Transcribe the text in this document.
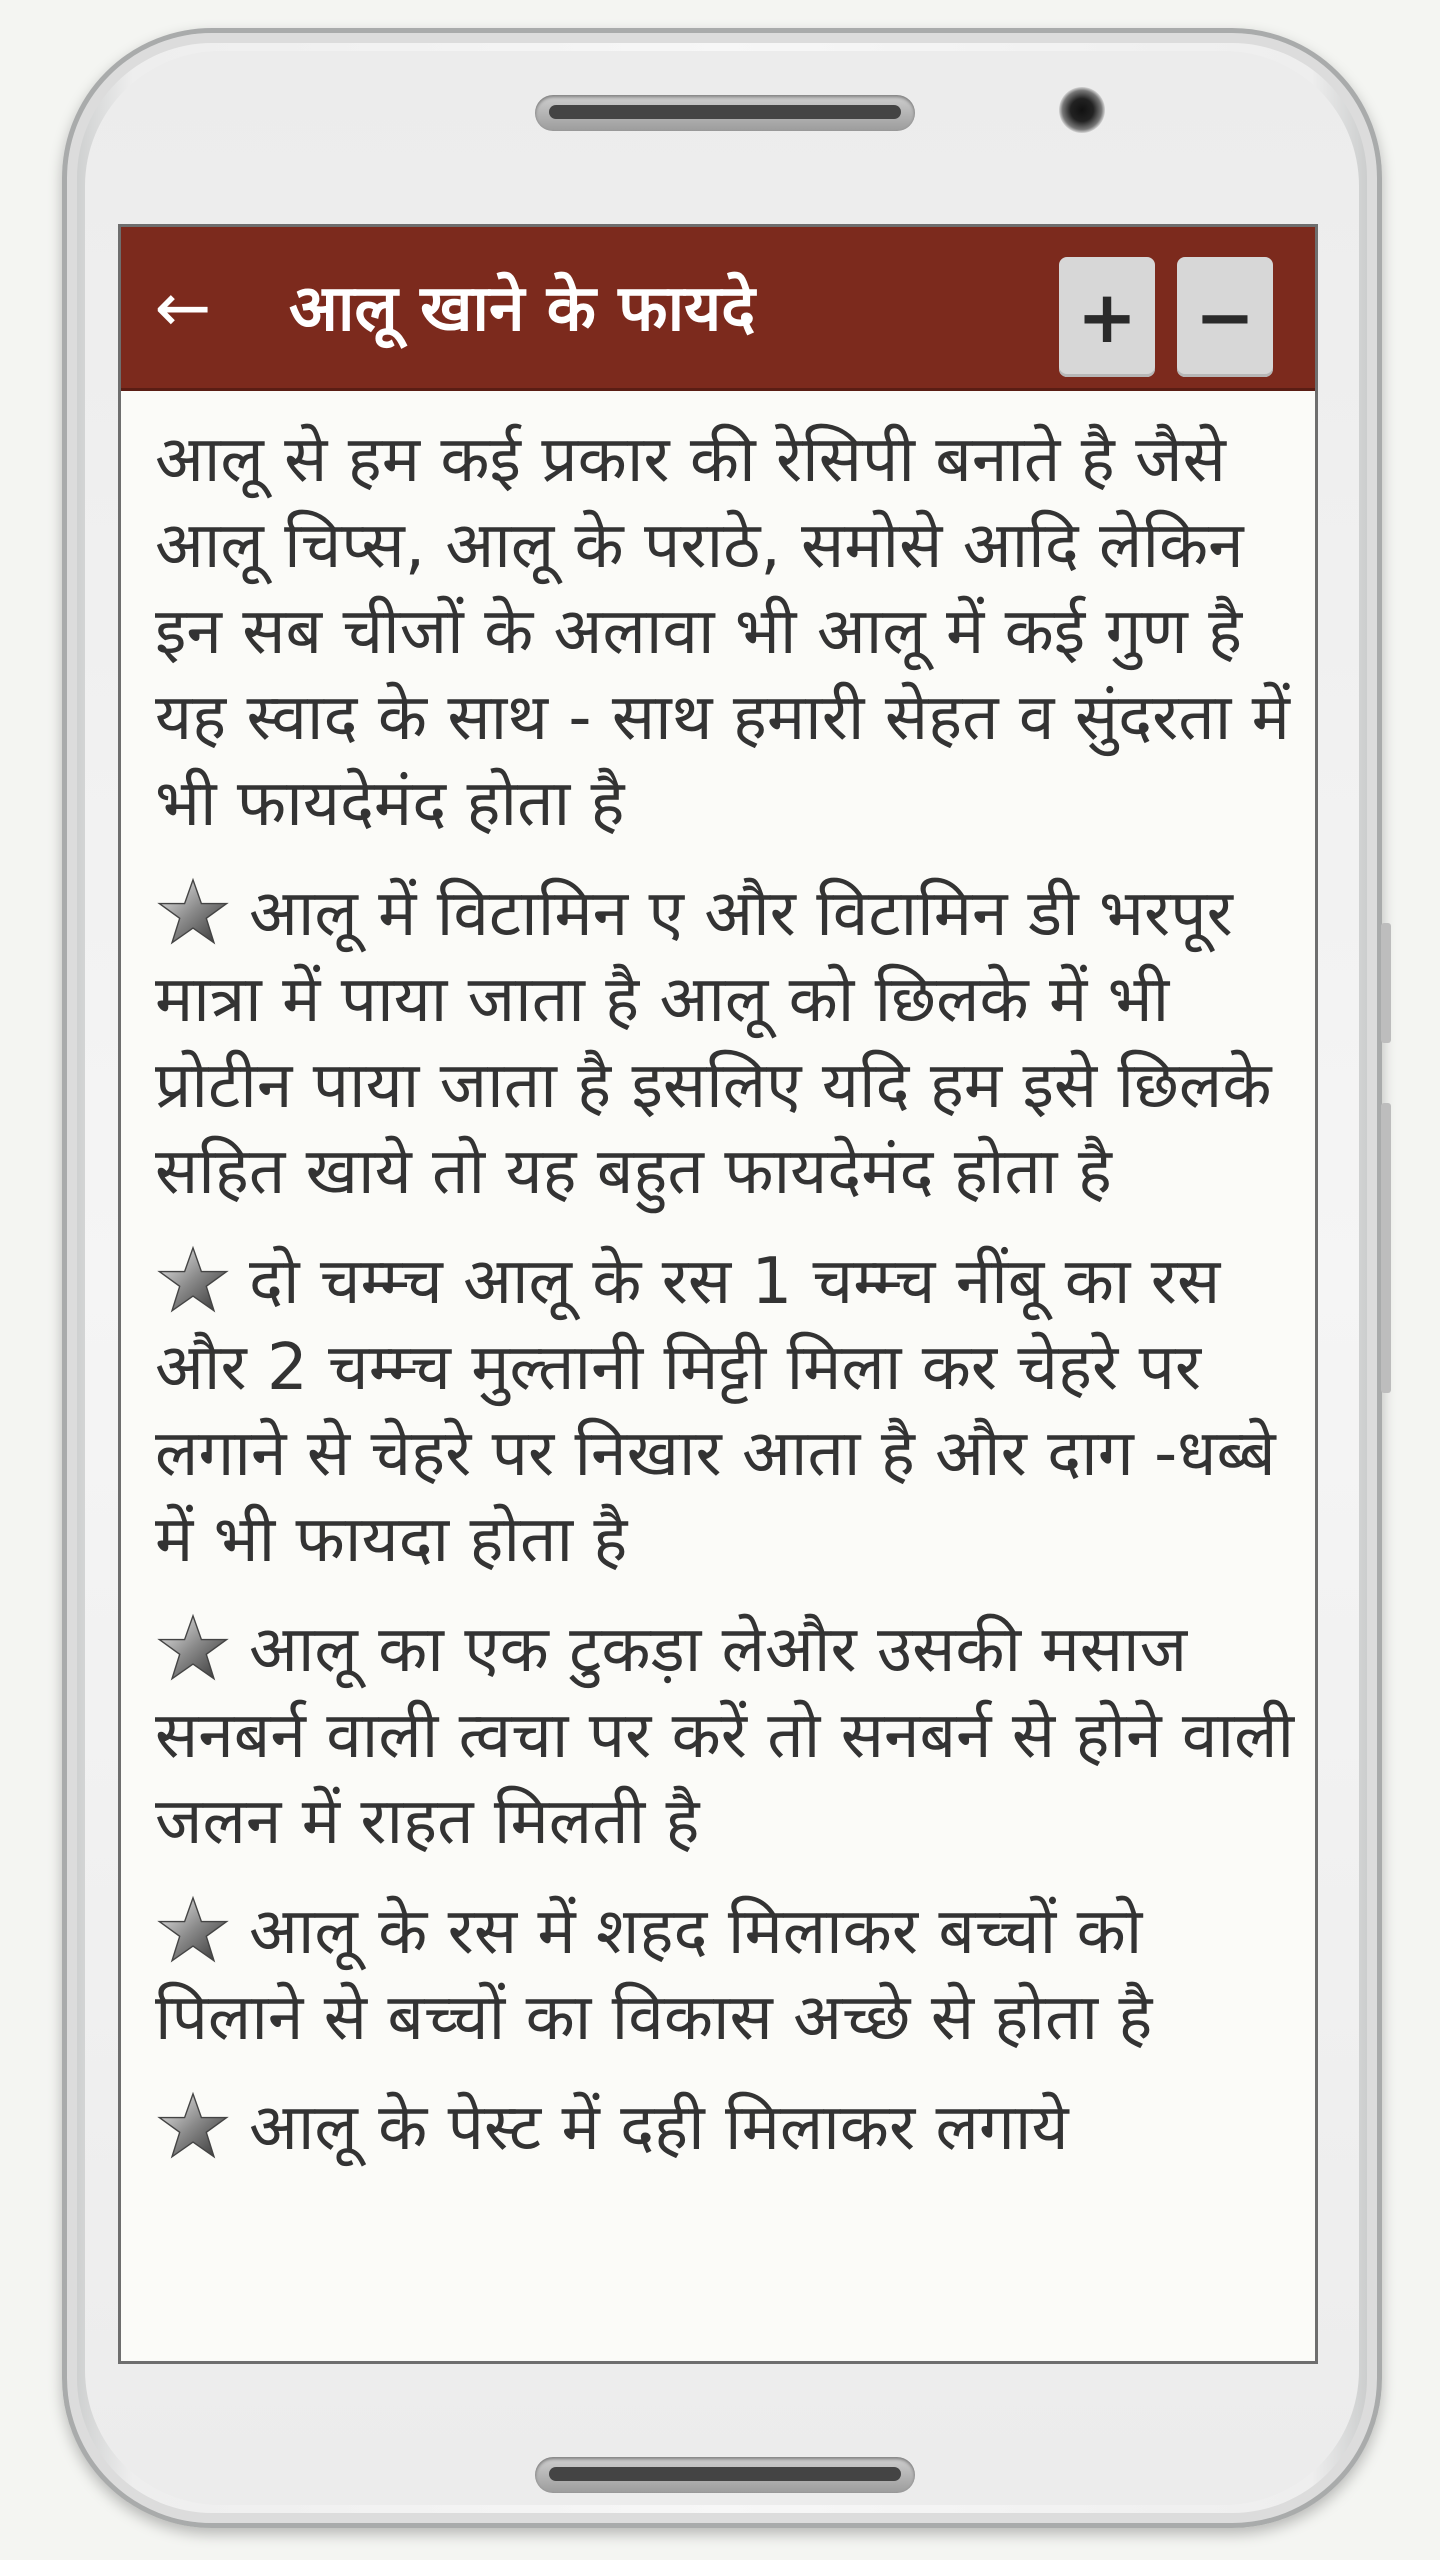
← आलू खाने के फायदे	+ −

आलू से हम कई प्रकार की रेसिपी बनाते है जैसे आलू चिप्स, आलू के पराठे, समोसे आदि लेकिन इन सब चीजों के अलावा भी आलू में कई गुण है यह स्वाद के साथ - साथ हमारी सेहत व सुंदरता में भी फायदेमंद होता है

आलू में विटामिन ए और विटामिन डी भरपूर मात्रा में पाया जाता है आलू को छिलके में भी प्रोटीन पाया जाता है इसलिए यदि हम इसे छिलके सहित खाये तो यह बहुत फायदेमंद होता है

दो चम्म्च आलू के रस 1 चम्म्च नींबू का रस और 2 चम्म्च मुल्तानी मिट्टी मिला कर चेहरे पर लगाने से चेहरे पर निखार आता है और दाग -धब्बे में भी फायदा होता है

आलू का एक टुकड़ा लेऔर उसकी मसाज सनबर्न वाली त्वचा पर करें तो सनबर्न से होने वाली जलन में राहत मिलती है

आलू के रस में शहद मिलाकर बच्चों को पिलाने से बच्चों का विकास अच्छे से होता है

आलू के पेस्ट में दही मिलाकर लगाये
